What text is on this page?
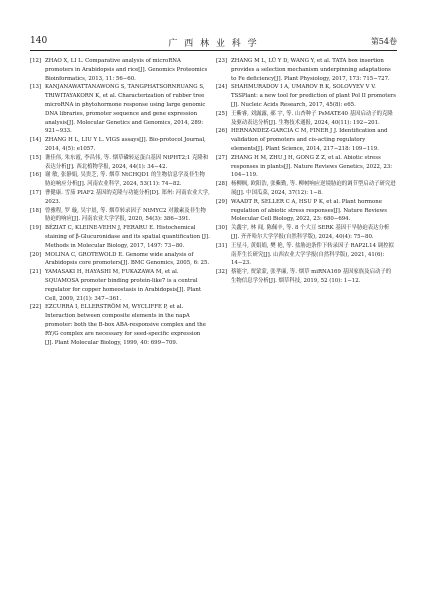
140	广 西 林 业 科 学	第54卷

[12] ZHAO X, LI L. Comparative analysis of microRNA promoters in Arabidopsis and rice[J]. Genomics Proteomics Bioinformatics, 2013, 11: 56−60.

[13] KANJANAWATTANAWONG S, TANGPHATSORNRUANG S, TRIWITAYAKORN K, et al. Characterization of rubber tree microRNA in phytohormone response using large genomic DNA libraries, promoter sequence and gene expression analysis[J]. Molecular Genetics and Genomics, 2014, 289: 921−933.

[14] ZHANG H L, LIU Y L. VIGS assays[J]. Bio-protocol Journal, 2014, 4(5): e1057.

[15] 谯佳伟, 朱东霞, 李昌伟, 等. 烟草磷转运蛋白基因 NtPHT2;1 克隆和表达分析[J]. 西北植物学报, 2024, 44(1): 34−42.

[16] 谢 敏, 张静娟, 吴贵芝, 等. 烟草 NtCHQD1 的生物信息学及非生物胁迫响应分析[J]. 河南农业科学, 2024, 53(11): 74−82.

[17] 曹健康. 雪茄 PIAF2 基因的克隆与功能分析[D]. 郑州: 河南农业大学, 2023.

[18] 曾雅程, 罗 璇, 吴宇晨, 等. 烟草转录因子 NtMYC2 对激素及非生物胁迫的响应[J]. 河南农业大学学报, 2020, 54(3): 386−391.

[19] BÉZIAT C, KLEINE-VEHN J, FERARU E. Histochemical staining of β-Glucuronidase and its spatial quantification [J]. Methods in Molecular Biology, 2017, 1497: 73−80.

[20] MOLINA C, GROTEWOLD E. Genome wide analysis of Arabidopsis core promoters[J]. BMC Genomics, 2005, 6: 25.

[21] YAMASAKI H, HAYASHI M, FUKAZAWA M, et al. SQUAMOSA promoter binding protein-like7 is a central regulator for copper homeostasis in Arabidopsis[J]. Plant Cell, 2009, 21(1): 347−361.

[22] EZCURRA I, ELLERSTRÖM M, WYCLIFFE P, et al. Interaction between composite elements in the napA promoter: both the B-box ABA-responsive complex and the RY/G complex are necessary for seed-specific expression [J]. Plant Molecular Biology, 1999, 40: 699−709.

[23] ZHANG M L, LÜ Y D, WANG Y, et al. TATA box insertion provides a selection mechanism underpinning adaptations to Fe deficiency[J]. Plant Physiology, 2017, 173: 715−727.

[24] SHAHMURADOV I A, UMAROV R K, SOLOVYEV V V. TSSPlant: a new tool for prediction of plant Pol II promoters [J]. Nucleic Acids Research, 2017, 45(8): e65.

[25] 王紫睿, 刘露露, 郝 宇, 等. 山杏种子 PsMATE40 基因启动子的克隆及驱动表达分析[J]. 生物技术通报, 2024, 40(11): 192−201.

[26] HERNANDEZ-GARCIA C M, FINER J J. Identification and validation of promoters and cis-acting regulatory elements[J]. Plant Science, 2014, 217−218: 109−119.

[27] ZHANG H M, ZHU J H, GONG Z Z, et al. Abiotic stress responses in plants[J]. Nature Reviews Genetics, 2022, 23: 104−119.

[28] 杨柳枫, 欧阳浩, 张紫勤, 等. 柳树响应逆境胁迫的调节型启动子研究进展[J]. 中国瓜菜, 2024, 37(12): 1−8.

[29] WAADT R, SELLER C A, HSU P K, et al. Plant hormone regulation of abiotic stress responses[J]. Nature Reviews Molecular Cell Biology, 2022, 23: 680−694.

[30] 关鑫宇, 林 闻, 陈佩辛, 等. 8 个大豆 SERK 基因干旱胁迫表达分析[J]. 齐齐哈尔大学学报(自然科学版), 2024, 40(4): 75−80.

[31] 王星斗, 黄娟娟, 樊 艳, 等. 盐胁迫条件下转录因子 RAP2L14 调控拟南芥生长研究[J]. 山西农业大学学报(自然科学版), 2021, 41(6): 14−23.

[32] 蔡能宇, 贾蒙蒙, 张孝廉, 等. 烟草 miRNA169 基因家族及启动子的生物信息学分析[J]. 烟草科技, 2019, 52 (10): 1−12.
